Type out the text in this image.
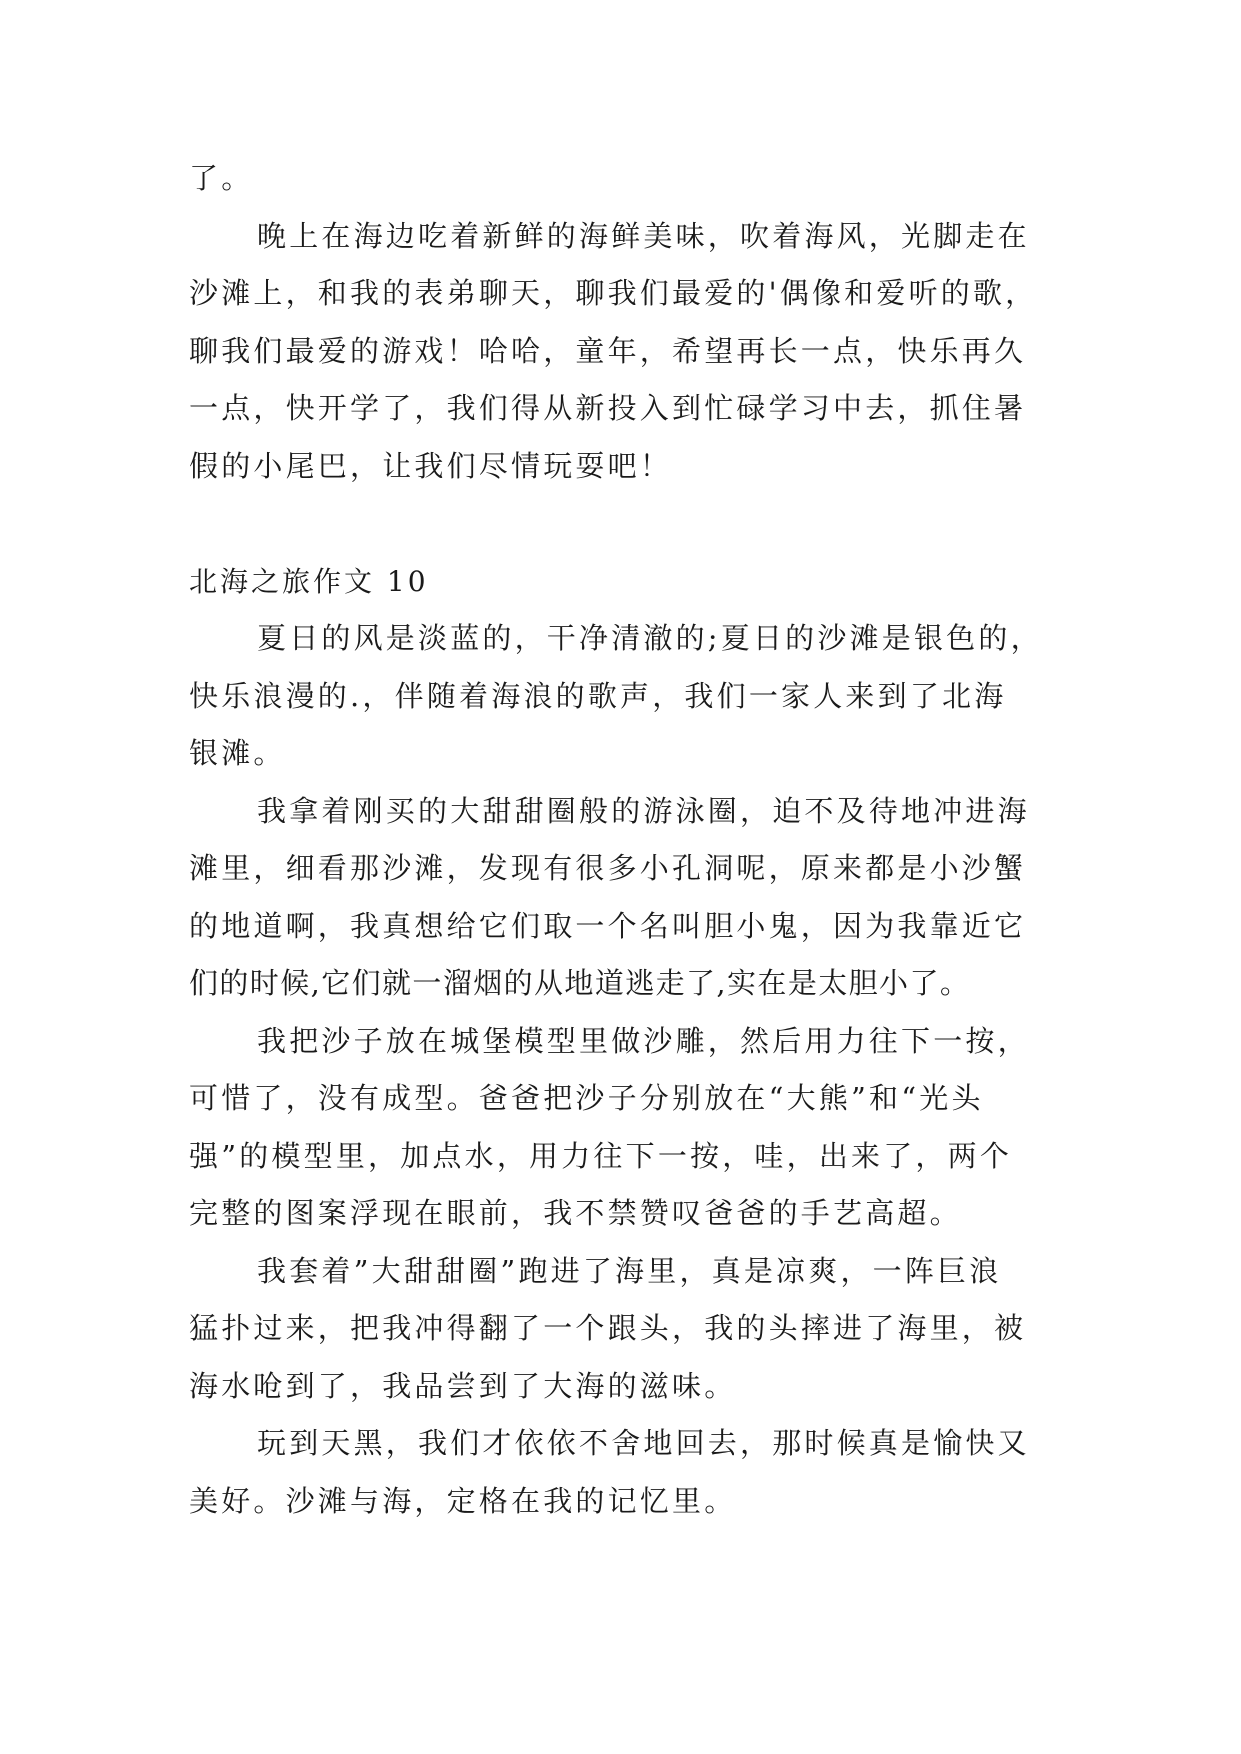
了。
晚上在海边吃着新鲜的海鲜美味，吹着海风，光脚走在
沙滩上，和我的表弟聊天，聊我们最爱的'偶像和爱听的歌，
聊我们最爱的游戏！哈哈，童年，希望再长一点，快乐再久
一点，快开学了，我们得从新投入到忙碌学习中去，抓住暑
假的小尾巴，让我们尽情玩耍吧！
北海之旅作文 10
夏日的风是淡蓝的，干净清澈的;夏日的沙滩是银色的，
快乐浪漫的.，伴随着海浪的歌声，我们一家人来到了北海
银滩。
我拿着刚买的大甜甜圈般的游泳圈，迫不及待地冲进海
滩里，细看那沙滩，发现有很多小孔洞呢，原来都是小沙蟹
的地道啊，我真想给它们取一个名叫胆小鬼，因为我靠近它
们的时候,它们就一溜烟的从地道逃走了,实在是太胆小了。
我把沙子放在城堡模型里做沙雕，然后用力往下一按，
可惜了，没有成型。爸爸把沙子分别放在“大熊”和“光头
强”的模型里，加点水，用力往下一按，哇，出来了，两个
完整的图案浮现在眼前，我不禁赞叹爸爸的手艺高超。
我套着”大甜甜圈”跑进了海里，真是凉爽，一阵巨浪
猛扑过来，把我冲得翻了一个跟头，我的头摔进了海里，被
海水呛到了，我品尝到了大海的滋味。
玩到天黑，我们才依依不舍地回去，那时候真是愉快又
美好。沙滩与海，定格在我的记忆里。
